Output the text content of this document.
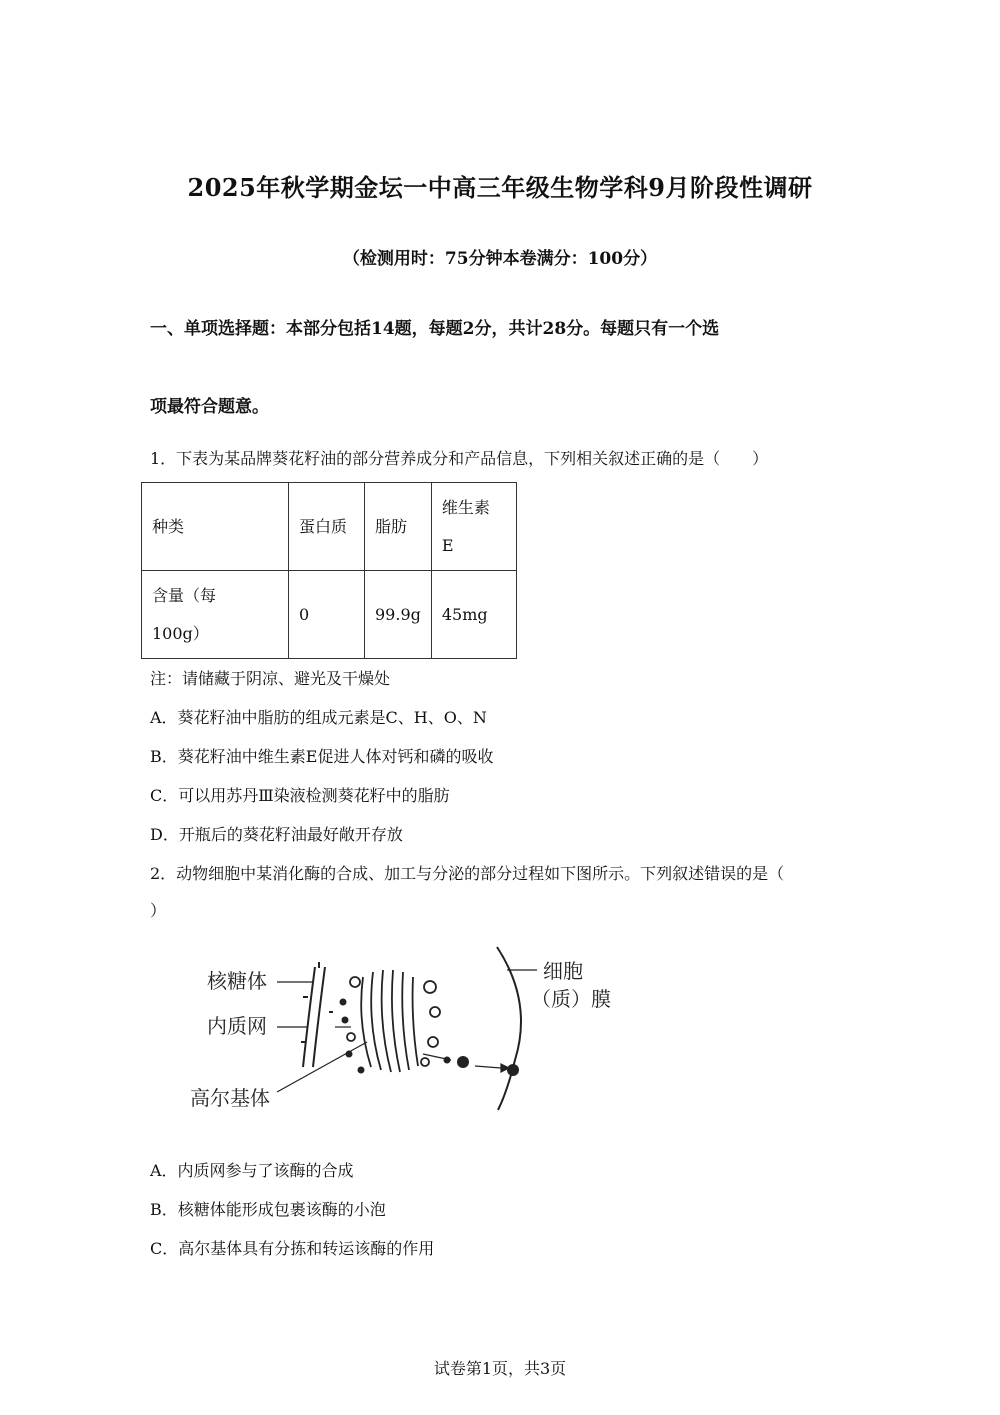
2025年秋学期金坛一中高三年级生物学科9月阶段性调研
（检测用时：75分钟本卷满分：100分）
一、单项选择题：本部分包括14题，每题2分，共计28分。每题只有一个选
项最符合题意。
1．下表为某品牌葵花籽油的部分营养成分和产品信息，下列相关叙述正确的是（　　）
种类	蛋白质	脂肪	维生素
E

含量（每
100g）	0	99.9g	45mg
注：请储藏于阴凉、避光及干燥处
A．葵花籽油中脂肪的组成元素是C、H、O、N
B．葵花籽油中维生素E促进人体对钙和磷的吸收
C．可以用苏丹Ⅲ染液检测葵花籽中的脂肪
D．开瓶后的葵花籽油最好敞开存放
2．动物细胞中某消化酶的合成、加工与分泌的部分过程如下图所示。下列叙述错误的是（
）
核糖体
内质网
高尔基体
细胞
（质）膜
A．内质网参与了该酶的合成
B．核糖体能形成包裹该酶的小泡
C．高尔基体具有分拣和转运该酶的作用
试卷第1页，共3页
